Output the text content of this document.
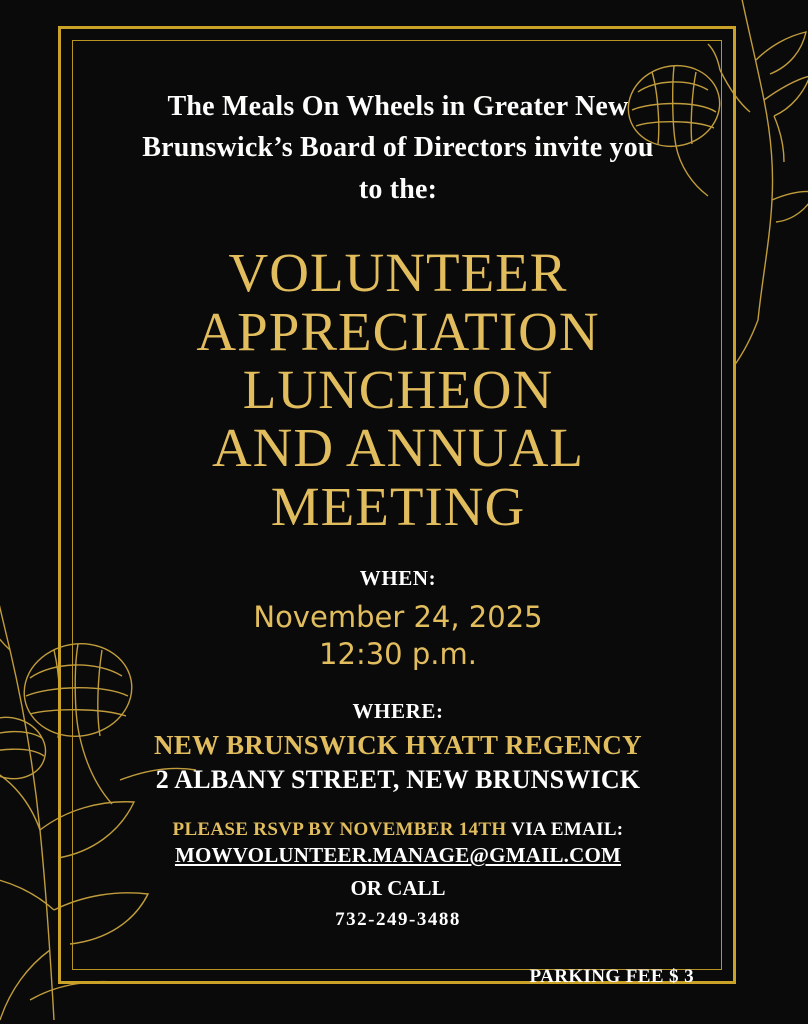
The Meals On Wheels in Greater New
Brunswick’s Board of Directors invite you
to the:
VOLUNTEER
APPRECIATION
LUNCHEON
AND ANNUAL
MEETING
WHEN:
November 24, 2025
12:30 p.m.
WHERE:
NEW BRUNSWICK HYATT REGENCY
2 ALBANY STREET, NEW BRUNSWICK
PLEASE RSVP BY NOVEMBER 14TH VIA EMAIL:
MOWVOLUNTEER.MANAGE@GMAIL.COM
OR CALL
732-249-3488
PARKING FEE $ 3
